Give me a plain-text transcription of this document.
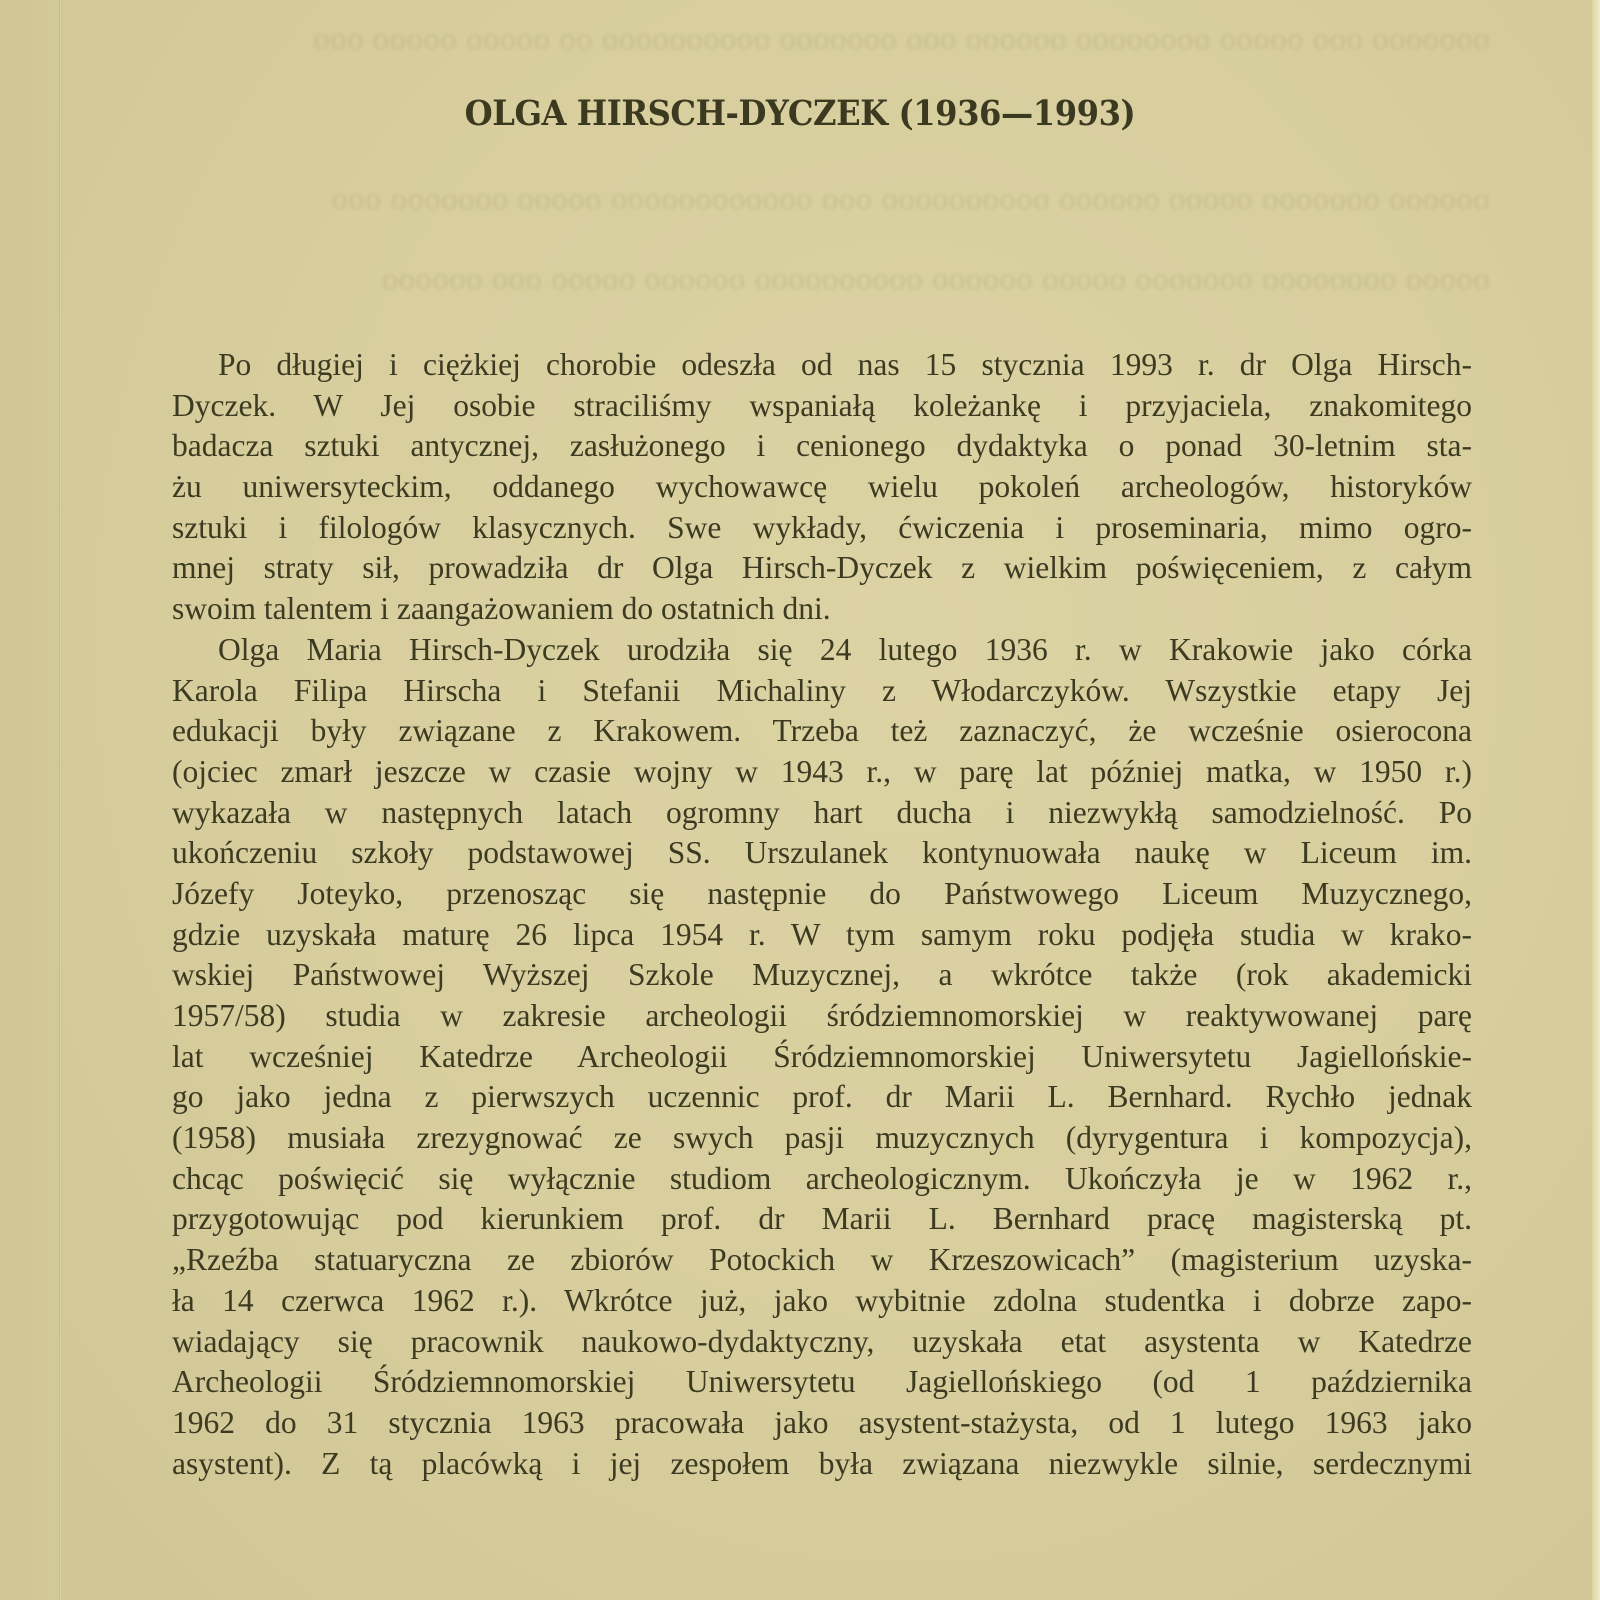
ooooooo ooo ooooo oooooooo oooooo ooo ooooooo oooooooooo oo ooooo ooooo ooo
oooooo ooooooo ooooo oooooo oooooooooo ooo oooooooooooo ooooo ooooooo ooo
ooooo oooooooo ooooooo ooooo oooooo oooooooooo oooooo ooooo ooo oooooo
OLGA HIRSCH-DYCZEK (1936—1993)
Po długiej i ciężkiej chorobie odeszła od nas 15 stycznia 1993 r. dr Olga Hirsch-
Dyczek. W Jej osobie straciliśmy wspaniałą koleżankę i przyjaciela, znakomitego
badacza sztuki antycznej, zasłużonego i cenionego dydaktyka o ponad 30-letnim sta-
żu uniwersyteckim, oddanego wychowawcę wielu pokoleń archeologów, historyków
sztuki i filologów klasycznych. Swe wykłady, ćwiczenia i proseminaria, mimo ogro-
mnej straty sił, prowadziła dr Olga Hirsch-Dyczek z wielkim poświęceniem, z całym
swoim talentem i zaangażowaniem do ostatnich dni.
Olga Maria Hirsch-Dyczek urodziła się 24 lutego 1936 r. w Krakowie jako córka
Karola Filipa Hirscha i Stefanii Michaliny z Włodarczyków. Wszystkie etapy Jej
edukacji były związane z Krakowem. Trzeba też zaznaczyć, że wcześnie osierocona
(ojciec zmarł jeszcze w czasie wojny w 1943 r., w parę lat później matka, w 1950 r.)
wykazała w następnych latach ogromny hart ducha i niezwykłą samodzielność. Po
ukończeniu szkoły podstawowej SS. Urszulanek kontynuowała naukę w Liceum im.
Józefy Joteyko, przenosząc się następnie do Państwowego Liceum Muzycznego,
gdzie uzyskała maturę 26 lipca 1954 r. W tym samym roku podjęła studia w krako-
wskiej Państwowej Wyższej Szkole Muzycznej, a wkrótce także (rok akademicki
1957/58) studia w zakresie archeologii śródziemnomorskiej w reaktywowanej parę
lat wcześniej Katedrze Archeologii Śródziemnomorskiej Uniwersytetu Jagiellońskie-
go jako jedna z pierwszych uczennic prof. dr Marii L. Bernhard. Rychło jednak
(1958) musiała zrezygnować ze swych pasji muzycznych (dyrygentura i kompozycja),
chcąc poświęcić się wyłącznie studiom archeologicznym. Ukończyła je w 1962 r.,
przygotowując pod kierunkiem prof. dr Marii L. Bernhard pracę magisterską pt.
„Rzeźba statuaryczna ze zbiorów Potockich w Krzeszowicach” (magisterium uzyska-
ła 14 czerwca 1962 r.). Wkrótce już, jako wybitnie zdolna studentka i dobrze zapo-
wiadający się pracownik naukowo-dydaktyczny, uzyskała etat asystenta w Katedrze
Archeologii Śródziemnomorskiej Uniwersytetu Jagiellońskiego (od 1 października
1962 do 31 stycznia 1963 pracowała jako asystent-stażysta, od 1 lutego 1963 jako
asystent). Z tą placówką i jej zespołem była związana niezwykle silnie, serdecznymi
